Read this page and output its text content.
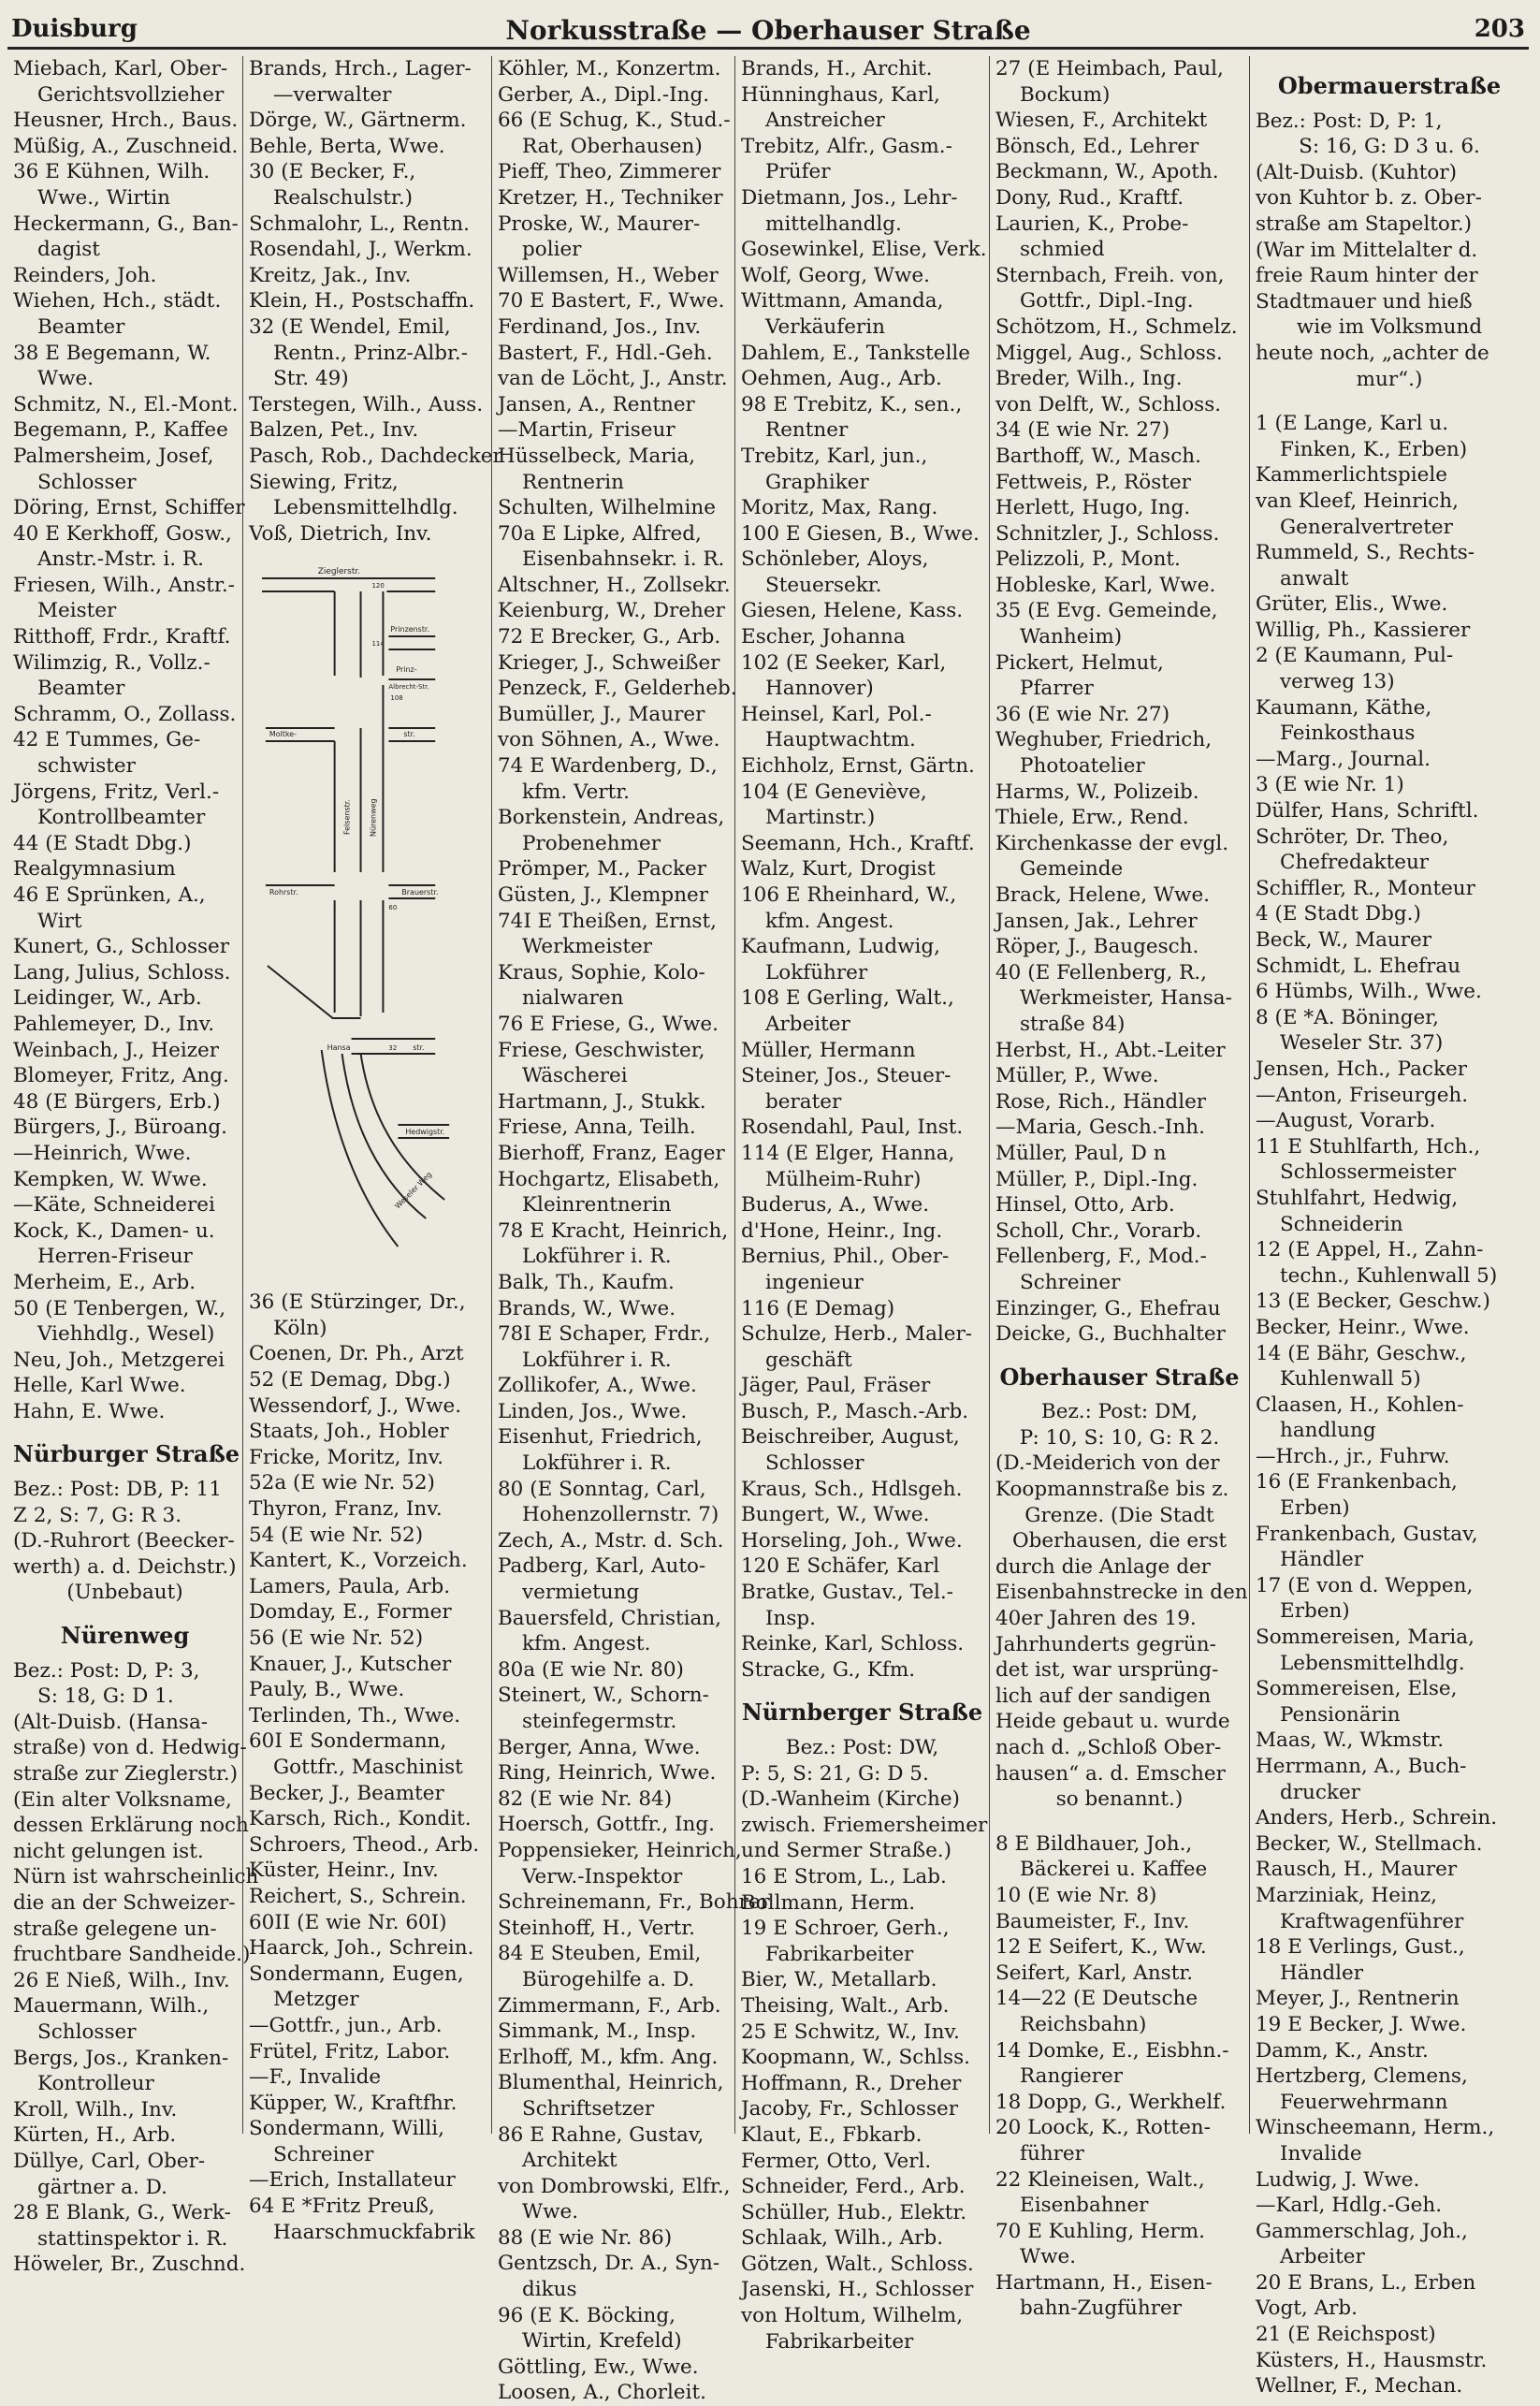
Duisburg	Norkusstraße — Oberhauser Straße	203
Miebach, Karl, Ober-
Gerichtsvollzieher
Heusner, Hrch., Baus.
Müßig, A., Zuschneid.
36 E Kühnen, Wilh.
Wwe., Wirtin
Heckermann, G., Ban-
dagist
Reinders, Joh.
Wiehen, Hch., städt.
Beamter
38 E Begemann, W.
Wwe.
Schmitz, N., El.-Mont.
Begemann, P., Kaffee
Palmersheim, Josef,
Schlosser
Döring, Ernst, Schiffer
40 E Kerkhoff, Gosw.,
Anstr.-Mstr. i. R.
Friesen, Wilh., Anstr.-
Meister
Ritthoff, Frdr., Kraftf.
Wilimzig, R., Vollz.-
Beamter
Schramm, O., Zollass.
42 E Tummes, Ge-
schwister
Jörgens, Fritz, Verl.-
Kontrollbeamter
44 (E Stadt Dbg.)
Realgymnasium
46 E Sprünken, A.,
Wirt
Kunert, G., Schlosser
Lang, Julius, Schloss.
Leidinger, W., Arb.
Pahlemeyer, D., Inv.
Weinbach, J., Heizer
Blomeyer, Fritz, Ang.
48 (E Bürgers, Erb.)
Bürgers, J., Büroang.
—Heinrich, Wwe.
Kempken, W. Wwe.
—Käte, Schneiderei
Kock, K., Damen- u.
Herren-Friseur
Merheim, E., Arb.
50 (E Tenbergen, W.,
Viehhdlg., Wesel)
Neu, Joh., Metzgerei
Helle, Karl Wwe.
Hahn, E. Wwe.
Nürburger Straße
Bez.: Post: DB, P: 11
Z 2, S: 7, G: R 3.
(D.-Ruhrort (Beecker-
werth) a. d. Deichstr.)
(Unbebaut)
Nürenweg
Bez.: Post: D, P: 3,
S: 18, G: D 1.
(Alt-Duisb. (Hansa-
straße) von d. Hedwig-
straße zur Zieglerstr.)
(Ein alter Volksname,
dessen Erklärung noch
nicht gelungen ist.
Nürn ist wahrscheinlich
die an der Schweizer-
straße gelegene un-
fruchtbare Sandheide.)
26 E Nieß, Wilh., Inv.
Mauermann, Wilh.,
Schlosser
Bergs, Jos., Kranken-
Kontrolleur
Kroll, Wilh., Inv.
Kürten, H., Arb.
Düllye, Carl, Ober-
gärtner a. D.
28 E Blank, G., Werk-
stattinspektor i. R.
Höweler, Br., Zuschnd.
Brands, Hrch., Lager-
—verwalter
Dörge, W., Gärtnerm.
Behle, Berta, Wwe.
30 (E Becker, F.,
Realschulstr.)
Schmalohr, L., Rentn.
Rosendahl, J., Werkm.
Kreitz, Jak., Inv.
Klein, H., Postschaffn.
32 (E Wendel, Emil,
Rentn., Prinz-Albr.-
Str. 49)
Terstegen, Wilh., Auss.
Balzen, Pet., Inv.
Pasch, Rob., Dachdecker
Siewing, Fritz,
Lebensmittelhdlg.
Voß, Dietrich, Inv.
Zieglerstr.
120
Prinzenstr.
114
Prinz-
Albrecht-Str.
108
Moltke-	str.
Felsenstr. Nürenweg
Rohrstr.	Brauerstr.
60
Hansa	32 str.
Hedwigstr.
Weseler Weg
36 (E Stürzinger, Dr.,
Köln)
Coenen, Dr. Ph., Arzt
52 (E Demag, Dbg.)
Wessendorf, J., Wwe.
Staats, Joh., Hobler
Fricke, Moritz, Inv.
52a (E wie Nr. 52)
Thyron, Franz, Inv.
54 (E wie Nr. 52)
Kantert, K., Vorzeich.
Lamers, Paula, Arb.
Domday, E., Former
56 (E wie Nr. 52)
Knauer, J., Kutscher
Pauly, B., Wwe.
Terlinden, Th., Wwe.
60I E Sondermann,
Gottfr., Maschinist
Becker, J., Beamter
Karsch, Rich., Kondit.
Schroers, Theod., Arb.
Küster, Heinr., Inv.
Reichert, S., Schrein.
60II (E wie Nr. 60I)
Haarck, Joh., Schrein.
Sondermann, Eugen,
Metzger
—Gottfr., jun., Arb.
Frütel, Fritz, Labor.
—F., Invalide
Küpper, W., Kraftfhr.
Sondermann, Willi,
Schreiner
—Erich, Installateur
64 E *Fritz Preuß,
Haarschmuckfabrik
Köhler, M., Konzertm.
Gerber, A., Dipl.-Ing.
66 (E Schug, K., Stud.-
Rat, Oberhausen)
Pieff, Theo, Zimmerer
Kretzer, H., Techniker
Proske, W., Maurer-
polier
Willemsen, H., Weber
70 E Bastert, F., Wwe.
Ferdinand, Jos., Inv.
Bastert, F., Hdl.-Geh.
van de Löcht, J., Anstr.
Jansen, A., Rentner
—Martin, Friseur
Hüsselbeck, Maria,
Rentnerin
Schulten, Wilhelmine
70a E Lipke, Alfred,
Eisenbahnsekr. i. R.
Altschner, H., Zollsekr.
Keienburg, W., Dreher
72 E Brecker, G., Arb.
Krieger, J., Schweißer
Penzeck, F., Gelderheb.
Bumüller, J., Maurer
von Söhnen, A., Wwe.
74 E Wardenberg, D.,
kfm. Vertr.
Borkenstein, Andreas,
Probenehmer
Prömper, M., Packer
Güsten, J., Klempner
74I E Theißen, Ernst,
Werkmeister
Kraus, Sophie, Kolo-
nialwaren
76 E Friese, G., Wwe.
Friese, Geschwister,
Wäscherei
Hartmann, J., Stukk.
Friese, Anna, Teilh.
Bierhoff, Franz, Eager
Hochgartz, Elisabeth,
Kleinrentnerin
78 E Kracht, Heinrich,
Lokführer i. R.
Balk, Th., Kaufm.
Brands, W., Wwe.
78I E Schaper, Frdr.,
Lokführer i. R.
Zollikofer, A., Wwe.
Linden, Jos., Wwe.
Eisenhut, Friedrich,
Lokführer i. R.
80 (E Sonntag, Carl,
Hohenzollernstr. 7)
Zech, A., Mstr. d. Sch.
Padberg, Karl, Auto-
vermietung
Bauersfeld, Christian,
kfm. Angest.
80a (E wie Nr. 80)
Steinert, W., Schorn-
steinfegermstr.
Berger, Anna, Wwe.
Ring, Heinrich, Wwe.
82 (E wie Nr. 84)
Hoersch, Gottfr., Ing.
Poppensieker, Heinrich,
Verw.-Inspektor
Schreinemann, Fr., Bohrer
Steinhoff, H., Vertr.
84 E Steuben, Emil,
Bürogehilfe a. D.
Zimmermann, F., Arb.
Simmank, M., Insp.
Erlhoff, M., kfm. Ang.
Blumenthal, Heinrich,
Schriftsetzer
86 E Rahne, Gustav,
Architekt
von Dombrowski, Elfr.,
Wwe.
88 (E wie Nr. 86)
Gentzsch, Dr. A., Syn-
dikus
96 (E K. Böcking,
Wirtin, Krefeld)
Göttling, Ew., Wwe.
Loosen, A., Chorleit.
Brands, H., Archit.
Hünninghaus, Karl,
Anstreicher
Trebitz, Alfr., Gasm.-
Prüfer
Dietmann, Jos., Lehr-
mittelhandlg.
Gosewinkel, Elise, Verk.
Wolf, Georg, Wwe.
Wittmann, Amanda,
Verkäuferin
Dahlem, E., Tankstelle
Oehmen, Aug., Arb.
98 E Trebitz, K., sen.,
Rentner
Trebitz, Karl, jun.,
Graphiker
Moritz, Max, Rang.
100 E Giesen, B., Wwe.
Schönleber, Aloys,
Steuersekr.
Giesen, Helene, Kass.
Escher, Johanna
102 (E Seeker, Karl,
Hannover)
Heinsel, Karl, Pol.-
Hauptwachtm.
Eichholz, Ernst, Gärtn.
104 (E Geneviève,
Martinstr.)
Seemann, Hch., Kraftf.
Walz, Kurt, Drogist
106 E Rheinhard, W.,
kfm. Angest.
Kaufmann, Ludwig,
Lokführer
108 E Gerling, Walt.,
Arbeiter
Müller, Hermann
Steiner, Jos., Steuer-
berater
Rosendahl, Paul, Inst.
114 (E Elger, Hanna,
Mülheim-Ruhr)
Buderus, A., Wwe.
d'Hone, Heinr., Ing.
Bernius, Phil., Ober-
ingenieur
116 (E Demag)
Schulze, Herb., Maler-
geschäft
Jäger, Paul, Fräser
Busch, P., Masch.-Arb.
Beischreiber, August,
Schlosser
Kraus, Sch., Hdlsgeh.
Bungert, W., Wwe.
Horseling, Joh., Wwe.
120 E Schäfer, Karl
Bratke, Gustav., Tel.-
Insp.
Reinke, Karl, Schloss.
Stracke, G., Kfm.
Nürnberger Straße
Bez.: Post: DW,
P: 5, S: 21, G: D 5.
(D.-Wanheim (Kirche)
zwisch. Friemersheimer
und Sermer Straße.)
16 E Strom, L., Lab.
Bollmann, Herm.
19 E Schroer, Gerh.,
Fabrikarbeiter
Bier, W., Metallarb.
Theising, Walt., Arb.
25 E Schwitz, W., Inv.
Koopmann, W., Schlss.
Hoffmann, R., Dreher
Jacoby, Fr., Schlosser
Klaut, E., Fbkarb.
Fermer, Otto, Verl.
Schneider, Ferd., Arb.
Schüller, Hub., Elektr.
Schlaak, Wilh., Arb.
Götzen, Walt., Schloss.
Jasenski, H., Schlosser
von Holtum, Wilhelm,
Fabrikarbeiter
27 (E Heimbach, Paul,
Bockum)
Wiesen, F., Architekt
Bönsch, Ed., Lehrer
Beckmann, W., Apoth.
Dony, Rud., Kraftf.
Laurien, K., Probe-
schmied
Sternbach, Freih. von,
Gottfr., Dipl.-Ing.
Schötzom, H., Schmelz.
Miggel, Aug., Schloss.
Breder, Wilh., Ing.
von Delft, W., Schloss.
34 (E wie Nr. 27)
Barthoff, W., Masch.
Fettweis, P., Röster
Herlett, Hugo, Ing.
Schnitzler, J., Schloss.
Pelizzoli, P., Mont.
Hobleske, Karl, Wwe.
35 (E Evg. Gemeinde,
Wanheim)
Pickert, Helmut,
Pfarrer
36 (E wie Nr. 27)
Weghuber, Friedrich,
Photoatelier
Harms, W., Polizeib.
Thiele, Erw., Rend.
Kirchenkasse der evgl.
Gemeinde
Brack, Helene, Wwe.
Jansen, Jak., Lehrer
Röper, J., Baugesch.
40 (E Fellenberg, R.,
Werkmeister, Hansa-
straße 84)
Herbst, H., Abt.-Leiter
Müller, P., Wwe.
Rose, Rich., Händler
—Maria, Gesch.-Inh.
Müller, Paul, D n
Müller, P., Dipl.-Ing.
Hinsel, Otto, Arb.
Scholl, Chr., Vorarb.
Fellenberg, F., Mod.-
Schreiner
Einzinger, G., Ehefrau
Deicke, G., Buchhalter
Oberhauser Straße
Bez.: Post: DM,
P: 10, S: 10, G: R 2.
(D.-Meiderich von der
Koopmannstraße bis z.
Grenze. (Die Stadt
Oberhausen, die erst
durch die Anlage der
Eisenbahnstrecke in den
40er Jahren des 19.
Jahrhunderts gegrün-
det ist, war ursprüng-
lich auf der sandigen
Heide gebaut u. wurde
nach d. „Schloß Ober-
hausen“ a. d. Emscher
so benannt.)
8 E Bildhauer, Joh.,
Bäckerei u. Kaffee
10 (E wie Nr. 8)
Baumeister, F., Inv.
12 E Seifert, K., Ww.
Seifert, Karl, Anstr.
14—22 (E Deutsche
Reichsbahn)
14 Domke, E., Eisbhn.-
Rangierer
18 Dopp, G., Werkhelf.
20 Loock, K., Rotten-
führer
22 Kleineisen, Walt.,
Eisenbahner
70 E Kuhling, Herm.
Wwe.
Hartmann, H., Eisen-
bahn-Zugführer
Obermauerstraße
Bez.: Post: D, P: 1,
S: 16, G: D 3 u. 6.
(Alt-Duisb. (Kuhtor)
von Kuhtor b. z. Ober-
straße am Stapeltor.)
(War im Mittelalter d.
freie Raum hinter der
Stadtmauer und hieß
wie im Volksmund
heute noch, „achter de
mur“.)
1 (E Lange, Karl u.
Finken, K., Erben)
Kammerlichtspiele
van Kleef, Heinrich,
Generalvertreter
Rummeld, S., Rechts-
anwalt
Grüter, Elis., Wwe.
Willig, Ph., Kassierer
2 (E Kaumann, Pul-
verweg 13)
Kaumann, Käthe,
Feinkosthaus
—Marg., Journal.
3 (E wie Nr. 1)
Dülfer, Hans, Schriftl.
Schröter, Dr. Theo,
Chefredakteur
Schiffler, R., Monteur
4 (E Stadt Dbg.)
Beck, W., Maurer
Schmidt, L. Ehefrau
6 Hümbs, Wilh., Wwe.
8 (E *A. Böninger,
Weseler Str. 37)
Jensen, Hch., Packer
—Anton, Friseurgeh.
—August, Vorarb.
11 E Stuhlfarth, Hch.,
Schlossermeister
Stuhlfahrt, Hedwig,
Schneiderin
12 (E Appel, H., Zahn-
techn., Kuhlenwall 5)
13 (E Becker, Geschw.)
Becker, Heinr., Wwe.
14 (E Bähr, Geschw.,
Kuhlenwall 5)
Claasen, H., Kohlen-
handlung
—Hrch., jr., Fuhrw.
16 (E Frankenbach,
Erben)
Frankenbach, Gustav,
Händler
17 (E von d. Weppen,
Erben)
Sommereisen, Maria,
Lebensmittelhdlg.
Sommereisen, Else,
Pensionärin
Maas, W., Wkmstr.
Herrmann, A., Buch-
drucker
Anders, Herb., Schrein.
Becker, W., Stellmach.
Rausch, H., Maurer
Marziniak, Heinz,
Kraftwagenführer
18 E Verlings, Gust.,
Händler
Meyer, J., Rentnerin
19 E Becker, J. Wwe.
Damm, K., Anstr.
Hertzberg, Clemens,
Feuerwehrmann
Winscheemann, Herm.,
Invalide
Ludwig, J. Wwe.
—Karl, Hdlg.-Geh.
Gammerschlag, Joh.,
Arbeiter
20 E Brans, L., Erben
Vogt, Arb.
21 (E Reichspost)
Küsters, H., Hausmstr.
Wellner, F., Mechan.
